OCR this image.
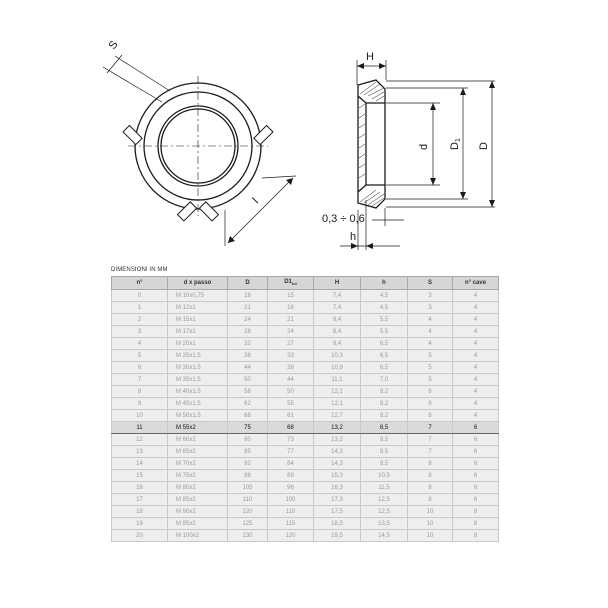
S
l
H
d D1
D
0,3 ÷ 0,6
h
DIMENSIONI IN MM
n°	d x passo	D	$D1_{tol}$	H	h	S	n° cave
0	M 10x0,75	18	15	7,4	4,5	3	4
1	M 12x1	21	18	7,4	4,5	3	4
2	M 15x1	24	21	8,4	5,5	4	4
3	M 17x1	28	24	8,4	5,5	4	4
4	M 20x1	32	27	8,4	6,5	4	4
5	M 25x1,5	38	33	10,3	6,5	5	4
6	M 30x1,5	44	38	10,9	6,5	5	4
7	M 35x1,5	50	44	11,1	7,0	5	4
8	M 40x1,5	58	50	12,1	8,2	6	4
9	M 45x1,5	62	55	12,1	8,2	6	4
10	M 50x1,5	68	61	12,7	8,2	6	4
11	M 55x2	75	68	13,2	8,5	7	6
12	M 60x2	80	73	13,2	8,5	7	6
13	M 65x2	85	77	14,3	8,5	7	6
14	M 70x2	92	84	14,3	8,5	8	6
15	M 75x2	98	89	15,3	10,5	8	6
16	M 80x2	105	96	16,3	11,5	8	6
17	M 85x2	110	100	17,3	12,5	8	6
18	M 90x2	120	110	17,5	12,5	10	8
19	M 95x2	125	115	18,5	13,5	10	8
20	M 100x2	130	120	19,5	14,5	10	8
